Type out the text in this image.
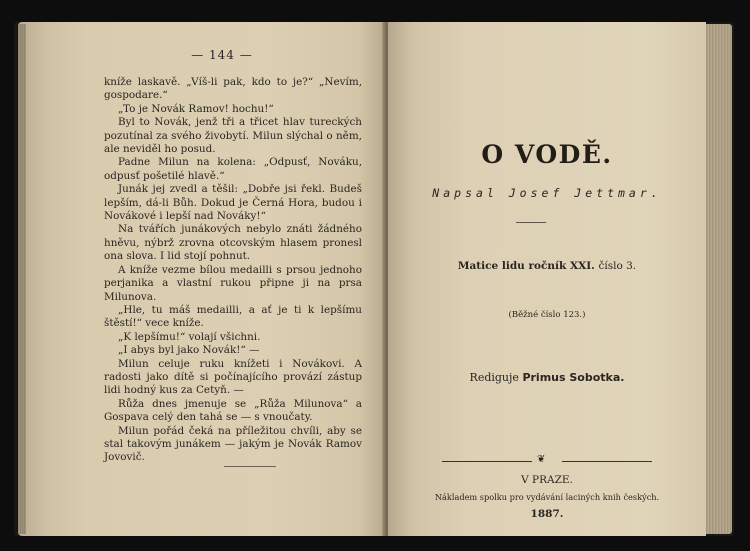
— 144 —

kníže laskavě. „Víš-li pak, kdo to je?“ „Nevím, gospodare.“

„To je Novák Ramov! hochu!“

Byl to Novák, jenž tři a třicet hlav tureckých pozutínal za svého živobytí. Milun slýchal o něm, ale neviděl ho posud.

Padne Milun na kolena: „Odpusť, Nováku, odpusť pošetilé hlavě.“

Junák jej zvedl a těšil: „Dobře jsi řekl. Budeš lepším, dá-li Bůh. Dokud je Černá Hora, budou i Novákové i lepší nad Nováky!“

Na tvářích junákových nebylo znáti žádného hněvu, nýbrž zrovna otcovským hlasem pronesl ona slova. I lid stojí pohnut.

A kníže vezme bílou medailli s prsou jednoho perjanika a vlastní rukou připne ji na prsa Milunova.

„Hle, tu máš medailli, a ať je ti k lepšímu štěstí!“ vece kníže.

„K lepšímu!“ volají všichni.

„I abys byl jako Novák!“ —

Milun celuje ruku knížeti i Novákovi. A radosti jako dítě si počínajícího provází zástup lidi hodný kus za Cetyň. —

Růža dnes jmenuje se „Růža Milunova“ a Gospava celý den tahá se — s vnoučaty.

Milun pořád čeká na příležitou chvíli, aby se stal takovým junákem — jakým je Novák Ramov Jovovič.

O VODĚ.
Napsal Josef Jettmar.
Matice lidu ročník XXI. číslo 3.
(Běžné číslo 123.)
Rediguje Primus Sobotka.
❦
V PRAZE.
Nákladem spolku pro vydávání laciných knih českých.
1887.
